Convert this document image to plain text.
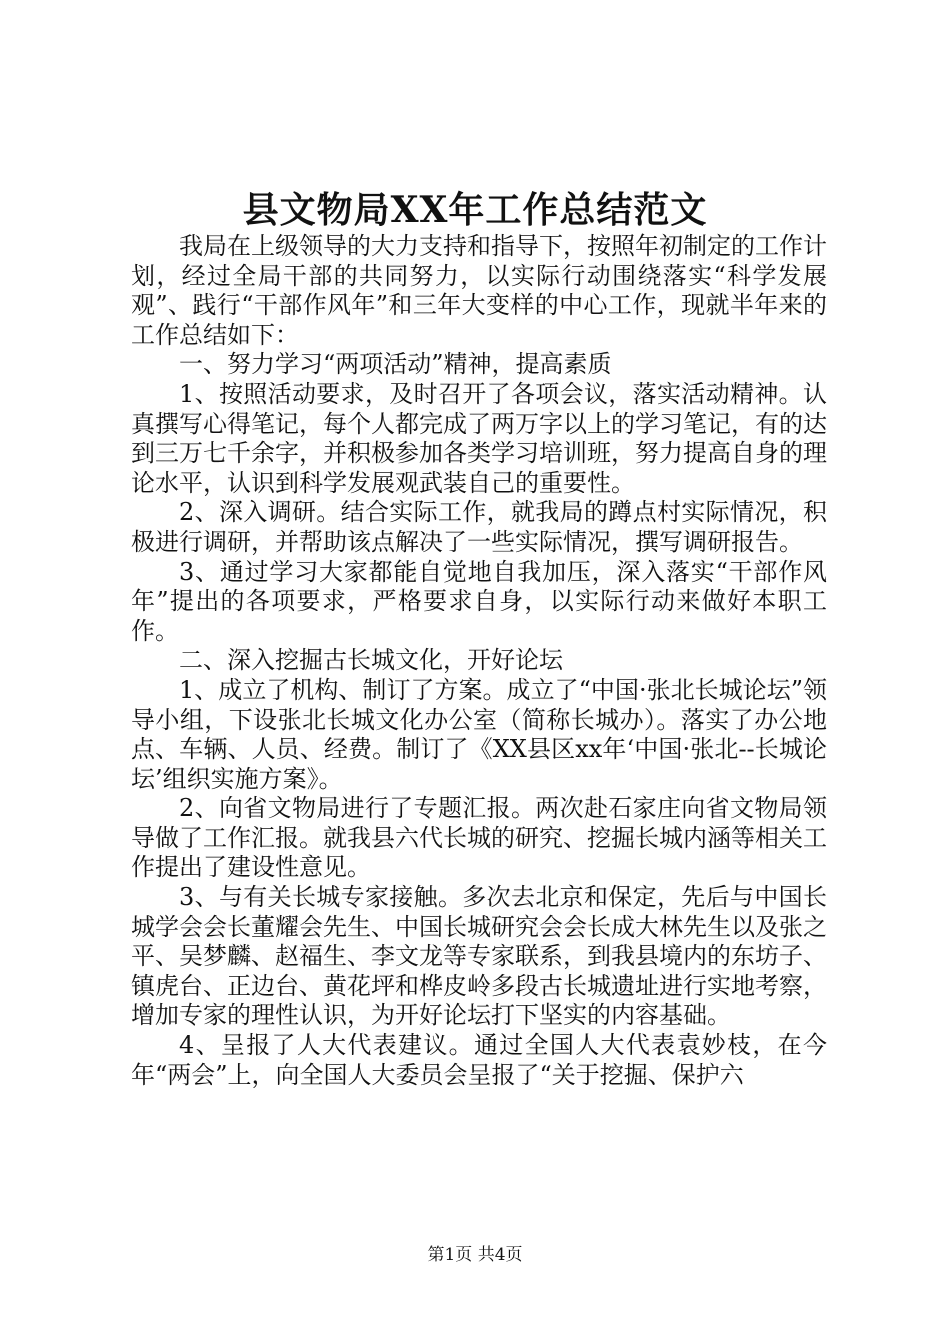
县文物局XX年工作总结范文

我局在上级领导的大力支持和指导下，按照年初制定的工作计划，经过全局干部的共同努力，以实际行动围绕落实“科学发展观”、践行“干部作风年”和三年大变样的中心工作，现就半年来的工作总结如下：

一、努力学习“两项活动”精神，提高素质

1、按照活动要求，及时召开了各项会议，落实活动精神。认真撰写心得笔记，每个人都完成了两万字以上的学习笔记，有的达到三万七千余字，并积极参加各类学习培训班，努力提高自身的理论水平，认识到科学发展观武装自己的重要性。

2、深入调研。结合实际工作，就我局的蹲点村实际情况，积极进行调研，并帮助该点解决了一些实际情况，撰写调研报告。

3、通过学习大家都能自觉地自我加压，深入落实“干部作风年”提出的各项要求，严格要求自身，以实际行动来做好本职工作。

二、深入挖掘古长城文化，开好论坛

1、成立了机构、制订了方案。成立了“中国·张北长城论坛”领导小组，下设张北长城文化办公室（简称长城办）。落实了办公地点、车辆、人员、经费。制订了《XX县区xx年‘中国·张北--长城论坛’组织实施方案》。

2、向省文物局进行了专题汇报。两次赴石家庄向省文物局领导做了工作汇报。就我县六代长城的研究、挖掘长城内涵等相关工作提出了建设性意见。

3、与有关长城专家接触。多次去北京和保定，先后与中国长城学会会长董耀会先生、中国长城研究会会长成大林先生以及张之平、吴梦麟、赵福生、李文龙等专家联系，到我县境内的东坊子、镇虎台、正边台、黄花坪和桦皮岭多段古长城遗址进行实地考察，增加专家的理性认识，为开好论坛打下坚实的内容基础。

4、呈报了人大代表建议。通过全国人大代表袁妙枝，在今年“两会”上，向全国人大委员会呈报了“关于挖掘、保护六

第1页 共4页
